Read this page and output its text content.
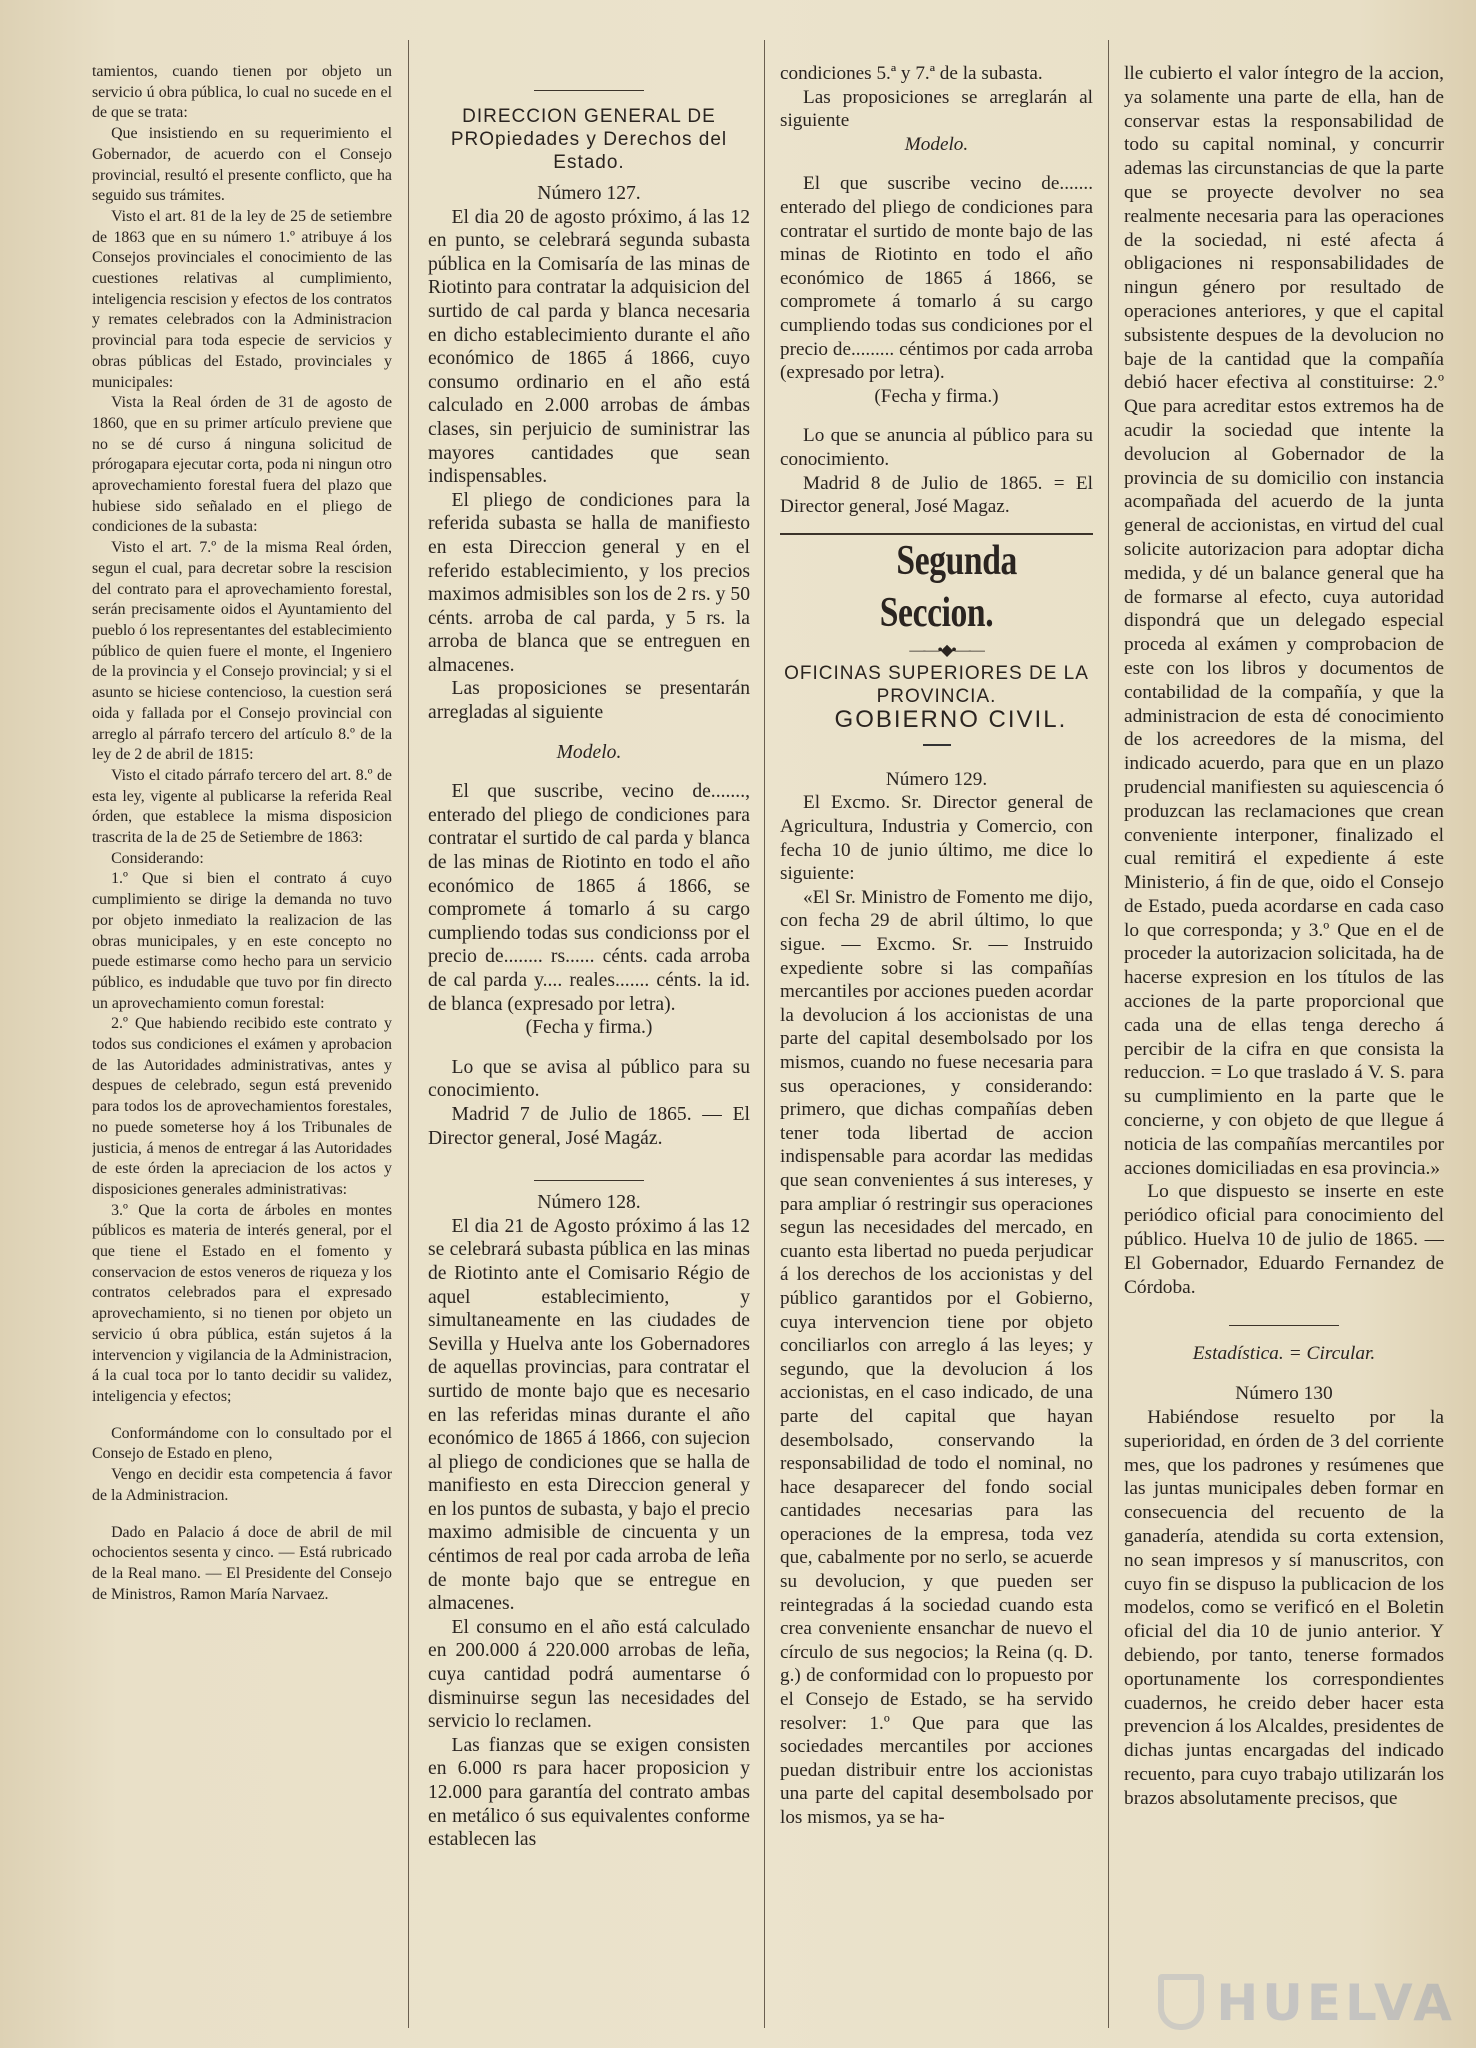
tamientos, cuando tienen por objeto un servicio ú obra pública, lo cual no sucede en el de que se trata:

Que insistiendo en su requerimiento el Gobernador, de acuerdo con el Consejo provincial, resultó el presente conflicto, que ha seguido sus trámites.

Visto el art. 81 de la ley de 25 de setiembre de 1863 que en su número 1.º atribuye á los Consejos provinciales el conocimiento de las cuestiones relativas al cumplimiento, inteligencia rescision y efectos de los contratos y remates celebrados con la Administracion provincial para toda especie de servicios y obras públicas del Estado, provinciales y municipales:

Vista la Real órden de 31 de agosto de 1860, que en su primer artículo previene que no se dé curso á ninguna solicitud de prórogapara ejecutar corta, poda ni ningun otro aprovechamiento forestal fuera del plazo que hubiese sido señalado en el pliego de condiciones de la subasta:

Visto el art. 7.º de la misma Real órden, segun el cual, para decretar sobre la rescision del contrato para el aprovechamiento forestal, serán precisamente oidos el Ayuntamiento del pueblo ó los representantes del establecimiento público de quien fuere el monte, el Ingeniero de la provincia y el Consejo provincial; y si el asunto se hiciese contencioso, la cuestion será oida y fallada por el Consejo provincial con arreglo al párrafo tercero del artículo 8.º de la ley de 2 de abril de 1815:

Visto el citado párrafo tercero del art. 8.º de esta ley, vigente al publicarse la referida Real órden, que establece la misma disposicion trascrita de la de 25 de Setiembre de 1863:

Considerando:

1.º Que si bien el contrato á cuyo cumplimiento se dirige la demanda no tuvo por objeto inmediato la realizacion de las obras municipales, y en este concepto no puede estimarse como hecho para un servicio público, es indudable que tuvo por fin directo un aprovechamiento comun forestal:

2.º Que habiendo recibido este contrato y todos sus condiciones el exámen y aprobacion de las Autoridades administrativas, antes y despues de celebrado, segun está prevenido para todos los de aprovechamientos forestales, no puede someterse hoy á los Tribunales de justicia, á menos de entregar á las Autoridades de este órden la apreciacion de los actos y disposiciones generales administrativas:

3.º Que la corta de árboles en montes públicos es materia de interés general, por el que tiene el Estado en el fomento y conservacion de estos veneros de riqueza y los contratos celebrados para el expresado aprovechamiento, si no tienen por objeto un servicio ú obra pública, están sujetos á la intervencion y vigilancia de la Administracion, á la cual toca por lo tanto decidir su validez, inteligencia y efectos;

Conformándome con lo consultado por el Consejo de Estado en pleno,

Vengo en decidir esta competencia á favor de la Administracion.

Dado en Palacio á doce de abril de mil ochocientos sesenta y cinco. — Está rubricado de la Real mano. — El Presidente del Consejo de Ministros, Ramon María Narvaez.

DIRECCION GENERAL DE PROpiedades y Derechos del Estado.

Número 127.

El dia 20 de agosto próximo, á las 12 en punto, se celebrará segunda subasta pública en la Comisaría de las minas de Riotinto para contratar la adquisicion del surtido de cal parda y blanca necesaria en dicho establecimiento durante el año económico de 1865 á 1866, cuyo consumo ordinario en el año está calculado en 2.000 arrobas de ámbas clases, sin perjuicio de suministrar las mayores cantidades que sean indispensables.

El pliego de condiciones para la referida subasta se halla de manifiesto en esta Direccion general y en el referido establecimiento, y los precios maximos admisibles son los de 2 rs. y 50 cénts. arroba de cal parda, y 5 rs. la arroba de blanca que se entreguen en almacenes.

Las proposiciones se presentarán arregladas al siguiente

Modelo.

El que suscribe, vecino de......., enterado del pliego de condiciones para contratar el surtido de cal parda y blanca de las minas de Riotinto en todo el año económico de 1865 á 1866, se compromete á tomarlo á su cargo cumpliendo todas sus condicionss por el precio de........ rs...... cénts. cada arroba de cal parda y.... reales....... cénts. la id. de blanca (expresado por letra).

(Fecha y firma.)

Lo que se avisa al público para su conocimiento.

Madrid 7 de Julio de 1865. — El Director general, José Magáz.

Número 128.

El dia 21 de Agosto próximo á las 12 se celebrará subasta pública en las minas de Riotinto ante el Comisario Régio de aquel establecimiento, y simultaneamente en las ciudades de Sevilla y Huelva ante los Gobernadores de aquellas provincias, para contratar el surtido de monte bajo que es necesario en las referidas minas durante el año económico de 1865 á 1866, con sujecion al pliego de condiciones que se halla de manifiesto en esta Direccion general y en los puntos de subasta, y bajo el precio maximo admisible de cincuenta y un céntimos de real por cada arroba de leña de monte bajo que se entregue en almacenes.

El consumo en el año está calculado en 200.000 á 220.000 arrobas de leña, cuya cantidad podrá aumentarse ó disminuirse segun las necesidades del servicio lo reclamen.

Las fianzas que se exigen consisten en 6.000 rs para hacer proposicion y 12.000 para garantía del contrato ambas en metálico ó sus equivalentes conforme establecen las

condiciones 5.ª y 7.ª de la subasta.

Las proposiciones se arreglarán al siguiente

Modelo.

El que suscribe vecino de....... enterado del pliego de condiciones para contratar el surtido de monte bajo de las minas de Riotinto en todo el año económico de 1865 á 1866, se compromete á tomarlo á su cargo cumpliendo todas sus condiciones por el precio de......... céntimos por cada arroba (expresado por letra).

(Fecha y firma.)

Lo que se anuncia al público para su conocimiento.

Madrid 8 de Julio de 1865. = El Director general, José Magaz.

Segunda Seccion.

——•◆•——

OFICINAS SUPERIORES DE LA PROVINCIA.

GOBIERNO CIVIL.

Número 129.

El Excmo. Sr. Director general de Agricultura, Industria y Comercio, con fecha 10 de junio último, me dice lo siguiente:

«El Sr. Ministro de Fomento me dijo, con fecha 29 de abril último, lo que sigue. — Excmo. Sr. — Instruido expediente sobre si las compañías mercantiles por acciones pueden acordar la devolucion á los accionistas de una parte del capital desembolsado por los mismos, cuando no fuese necesaria para sus operaciones, y considerando: primero, que dichas compañías deben tener toda libertad de accion indispensable para acordar las medidas que sean convenientes á sus intereses, y para ampliar ó restringir sus operaciones segun las necesidades del mercado, en cuanto esta libertad no pueda perjudicar á los derechos de los accionistas y del público garantidos por el Gobierno, cuya intervencion tiene por objeto conciliarlos con arreglo á las leyes; y segundo, que la devolucion á los accionistas, en el caso indicado, de una parte del capital que hayan desembolsado, conservando la responsabilidad de todo el nominal, no hace desaparecer del fondo social cantidades necesarias para las operaciones de la empresa, toda vez que, cabalmente por no serlo, se acuerde su devolucion, y que pueden ser reintegradas á la sociedad cuando esta crea conveniente ensanchar de nuevo el círculo de sus negocios; la Reina (q. D. g.) de conformidad con lo propuesto por el Consejo de Estado, se ha servido resolver: 1.º Que para que las sociedades mercantiles por acciones puedan distribuir entre los accionistas una parte del capital desembolsado por los mismos, ya se ha-

lle cubierto el valor íntegro de la accion, ya solamente una parte de ella, han de conservar estas la responsabilidad de todo su capital nominal, y concurrir ademas las circunstancias de que la parte que se proyecte devolver no sea realmente necesaria para las operaciones de la sociedad, ni esté afecta á obligaciones ni responsabilidades de ningun género por resultado de operaciones anteriores, y que el capital subsistente despues de la devolucion no baje de la cantidad que la compañía debió hacer efectiva al constituirse: 2.º Que para acreditar estos extremos ha de acudir la sociedad que intente la devolucion al Gobernador de la provincia de su domicilio con instancia acompañada del acuerdo de la junta general de accionistas, en virtud del cual solicite autorizacion para adoptar dicha medida, y dé un balance general que ha de formarse al efecto, cuya autoridad dispondrá que un delegado especial proceda al exámen y comprobacion de este con los libros y documentos de contabilidad de la compañía, y que la administracion de esta dé conocimiento de los acreedores de la misma, del indicado acuerdo, para que en un plazo prudencial manifiesten su aquiescencia ó produzcan las reclamaciones que crean conveniente interponer, finalizado el cual remitirá el expediente á este Ministerio, á fin de que, oido el Consejo de Estado, pueda acordarse en cada caso lo que corresponda; y 3.º Que en el de proceder la autorizacion solicitada, ha de hacerse expresion en los títulos de las acciones de la parte proporcional que cada una de ellas tenga derecho á percibir de la cifra en que consista la reduccion. = Lo que traslado á V. S. para su cumplimiento en la parte que le concierne, y con objeto de que llegue á noticia de las compañías mercantiles por acciones domiciliadas en esa provincia.»

Lo que dispuesto se inserte en este periódico oficial para conocimiento del público. Huelva 10 de julio de 1865. — El Gobernador, Eduardo Fernandez de Córdoba.

Estadística. = Circular.

Número 130

Habiéndose resuelto por la superioridad, en órden de 3 del corriente mes, que los padrones y resúmenes que las juntas municipales deben formar en consecuencia del recuento de la ganadería, atendida su corta extension, no sean impresos y sí manuscritos, con cuyo fin se dispuso la publicacion de los modelos, como se verificó en el Boletin oficial del dia 10 de junio anterior. Y debiendo, por tanto, tenerse formados oportunamente los correspondientes cuadernos, he creido deber hacer esta prevencion á los Alcaldes, presidentes de dichas juntas encargadas del indicado recuento, para cuyo trabajo utilizarán los brazos absolutamente precisos, que

HUELVA
